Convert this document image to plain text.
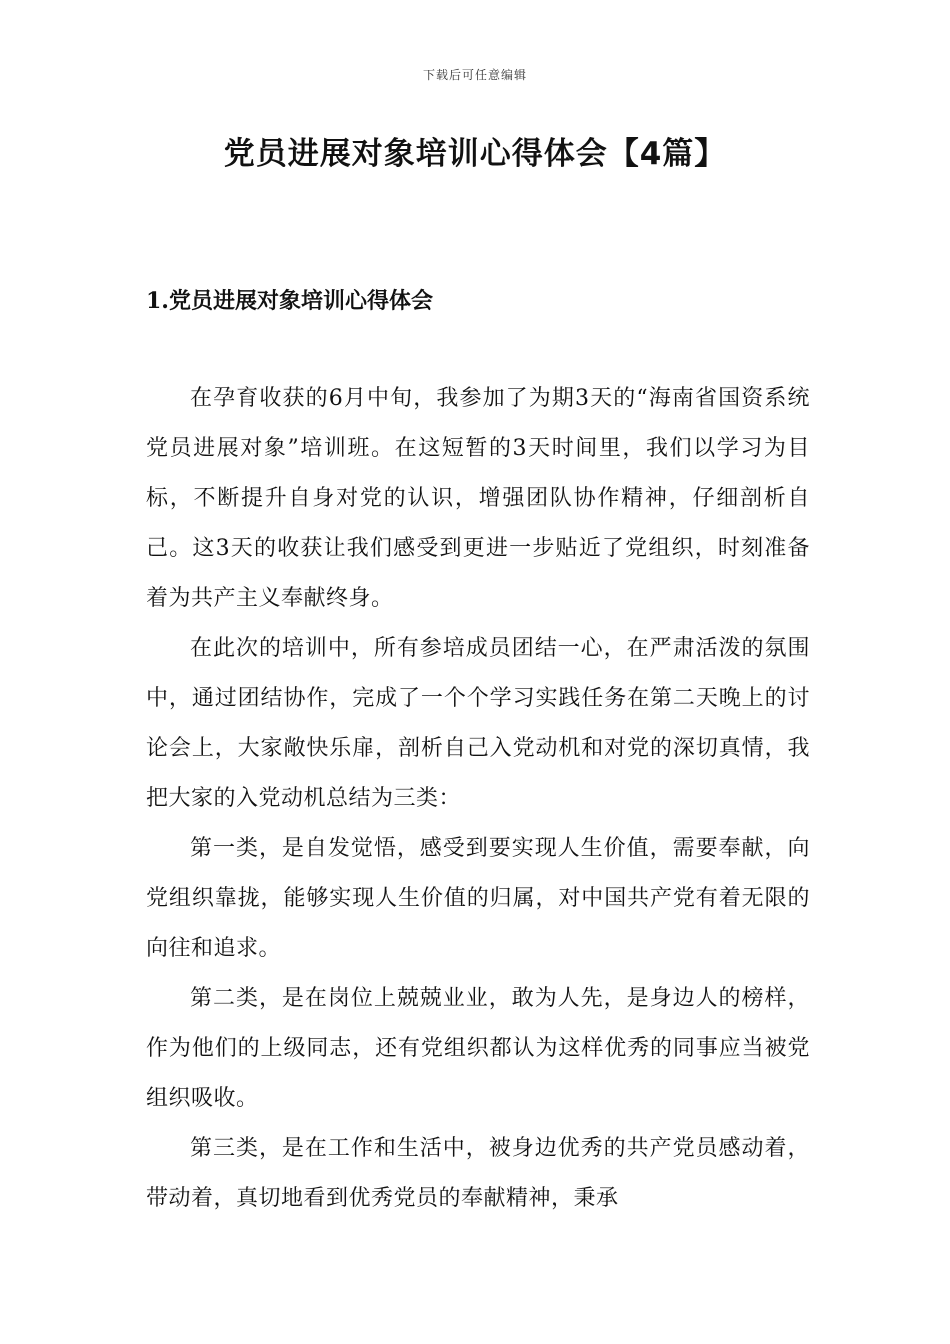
下载后可任意编辑
党员进展对象培训心得体会【4篇】
1.党员进展对象培训心得体会

在孕育收获的6月中旬，我参加了为期3天的“海南省国资系统党员进展对象”培训班。在这短暂的3天时间里，我们以学习为目标，不断提升自身对党的认识，增强团队协作精神，仔细剖析自己。这3天的收获让我们感受到更进一步贴近了党组织，时刻准备着为共产主义奉献终身。

在此次的培训中，所有参培成员团结一心，在严肃活泼的氛围中，通过团结协作，完成了一个个学习实践任务在第二天晚上的讨论会上，大家敞快乐扉，剖析自己入党动机和对党的深切真情，我把大家的入党动机总结为三类：

第一类，是自发觉悟，感受到要实现人生价值，需要奉献，向党组织靠拢，能够实现人生价值的归属，对中国共产党有着无限的向往和追求。

第二类，是在岗位上兢兢业业，敢为人先，是身边人的榜样，作为他们的上级同志，还有党组织都认为这样优秀的同事应当被党组织吸收。

第三类，是在工作和生活中，被身边优秀的共产党员感动着，带动着，真切地看到优秀党员的奉献精神，秉承
